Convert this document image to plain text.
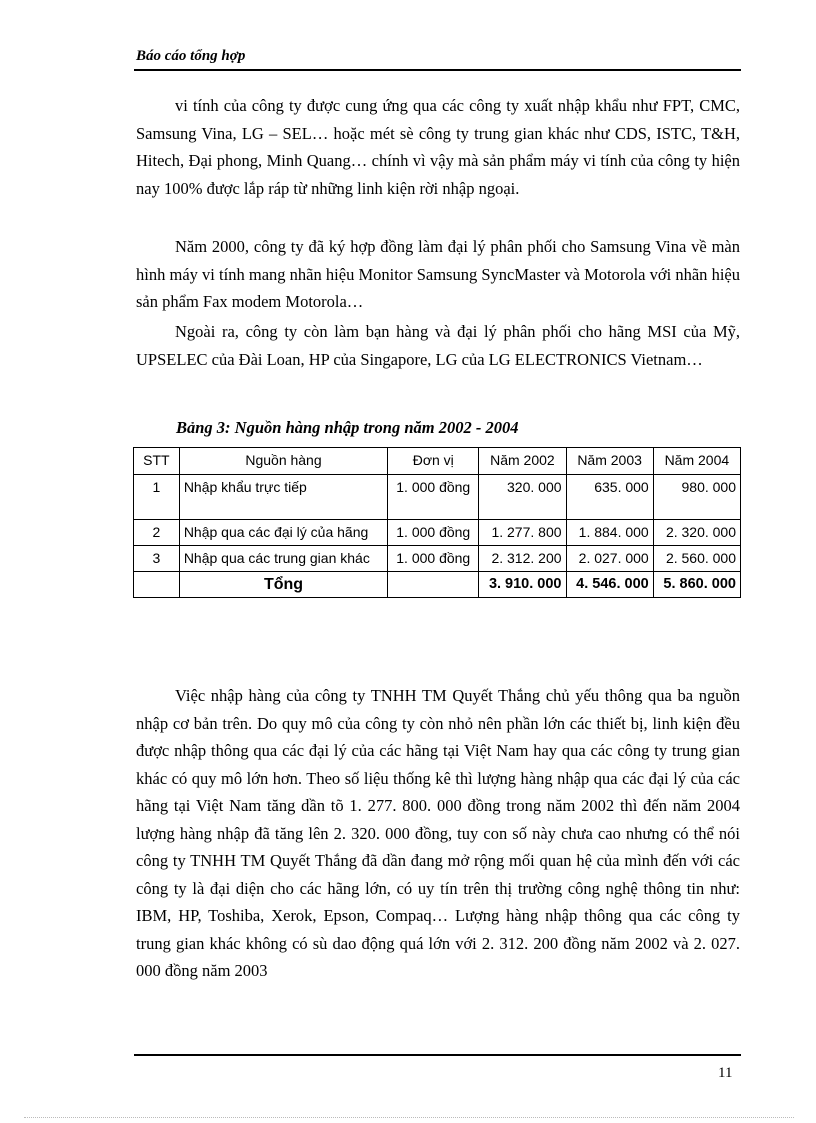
Báo cáo tổng hợp

vi tính của công ty được cung ứng qua các công ty xuất nhập khẩu như FPT, CMC, Samsung Vina, LG – SEL… hoặc mét sè công ty trung gian khác như CDS, ISTC, T&H, Hitech, Đại phong, Minh Quang… chính vì vậy mà sản phẩm máy vi tính của công ty hiện nay 100% được lắp ráp từ những linh kiện rời nhập ngoại.

Năm 2000, công ty đã ký hợp đồng làm đại lý phân phối cho Samsung Vina về màn hình máy vi tính mang nhãn hiệu Monitor Samsung SyncMaster và Motorola với nhãn hiệu sản phẩm Fax modem Motorola…

Ngoài ra, công ty còn làm bạn hàng và đại lý phân phối cho hãng MSI của Mỹ, UPSELEC của Đài Loan, HP của Singapore, LG của LG ELECTRONICS Vietnam…

Bảng 3: Nguồn hàng nhập trong năm 2002 - 2004
STT	Nguồn hàng	Đơn vị	Năm 2002	Năm 2003	Năm 2004
1	Nhập khẩu trực tiếp	1. 000 đồng	320. 000	635. 000	980. 000
2	Nhập qua các đại lý của hãng	1. 000 đồng	1. 277. 800	1. 884. 000	2. 320. 000
3	Nhập qua các trung gian khác	1. 000 đồng	2. 312. 200	2. 027. 000	2. 560. 000
	Tổng		3. 910. 000	4. 546. 000	5. 860. 000

Việc nhập hàng của công ty TNHH TM Quyết Thắng chủ yếu thông qua ba nguồn nhập cơ bản trên. Do quy mô của công ty còn nhỏ nên phần lớn các thiết bị, linh kiện đều được nhập thông qua các đại lý của các hãng tại Việt Nam hay qua các công ty trung gian khác có quy mô lớn hơn. Theo số liệu thống kê thì lượng hàng nhập qua các đại lý của các hãng tại Việt Nam tăng dần tõ 1. 277. 800. 000 đồng trong năm 2002 thì đến năm 2004 lượng hàng nhập đã tăng lên 2. 320. 000 đồng, tuy con số này chưa cao nhưng có thể nói công ty TNHH TM Quyết Thắng đã dần đang mở rộng mối quan hệ của mình đến với các công ty là đại diện cho các hãng lớn, có uy tín trên thị trường công nghệ thông tin như: IBM, HP, Toshiba, Xerok, Epson, Compaq… Lượng hàng nhập thông qua các công ty trung gian khác không có sù dao động quá lớn với 2. 312. 200 đồng năm 2002 và 2. 027. 000 đồng năm 2003

11
